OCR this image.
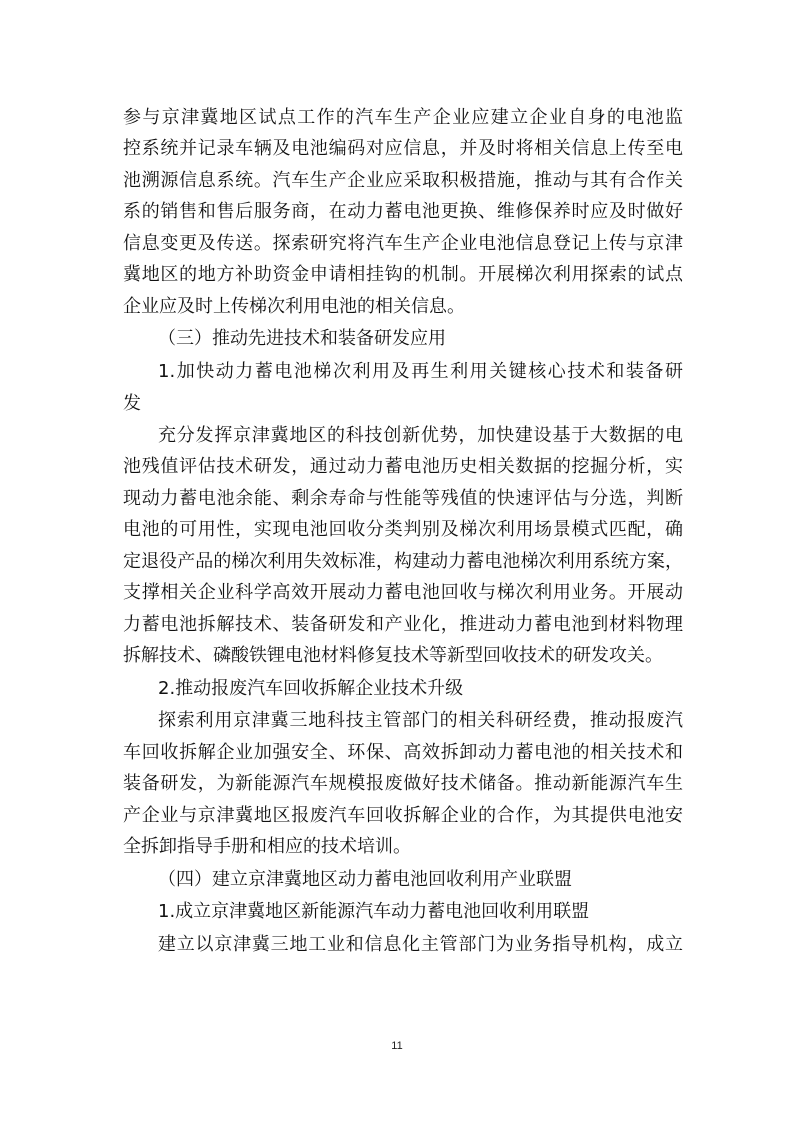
参与京津冀地区试点工作的汽车生产企业应建立企业自身的电池监
控系统并记录车辆及电池编码对应信息，并及时将相关信息上传至电
池溯源信息系统。汽车生产企业应采取积极措施，推动与其有合作关
系的销售和售后服务商，在动力蓄电池更换、维修保养时应及时做好
信息变更及传送。探索研究将汽车生产企业电池信息登记上传与京津
冀地区的地方补助资金申请相挂钩的机制。开展梯次利用探索的试点
企业应及时上传梯次利用电池的相关信息。
（三）推动先进技术和装备研发应用
1.加快动力蓄电池梯次利用及再生利用关键核心技术和装备研
发
充分发挥京津冀地区的科技创新优势，加快建设基于大数据的电
池残值评估技术研发，通过动力蓄电池历史相关数据的挖掘分析，实
现动力蓄电池余能、剩余寿命与性能等残值的快速评估与分选，判断
电池的可用性，实现电池回收分类判别及梯次利用场景模式匹配，确
定退役产品的梯次利用失效标准，构建动力蓄电池梯次利用系统方案，
支撑相关企业科学高效开展动力蓄电池回收与梯次利用业务。开展动
力蓄电池拆解技术、装备研发和产业化，推进动力蓄电池到材料物理
拆解技术、磷酸铁锂电池材料修复技术等新型回收技术的研发攻关。
2.推动报废汽车回收拆解企业技术升级
探索利用京津冀三地科技主管部门的相关科研经费，推动报废汽
车回收拆解企业加强安全、环保、高效拆卸动力蓄电池的相关技术和
装备研发，为新能源汽车规模报废做好技术储备。推动新能源汽车生
产企业与京津冀地区报废汽车回收拆解企业的合作，为其提供电池安
全拆卸指导手册和相应的技术培训。
（四）建立京津冀地区动力蓄电池回收利用产业联盟
1.成立京津冀地区新能源汽车动力蓄电池回收利用联盟
建立以京津冀三地工业和信息化主管部门为业务指导机构，成立
11
